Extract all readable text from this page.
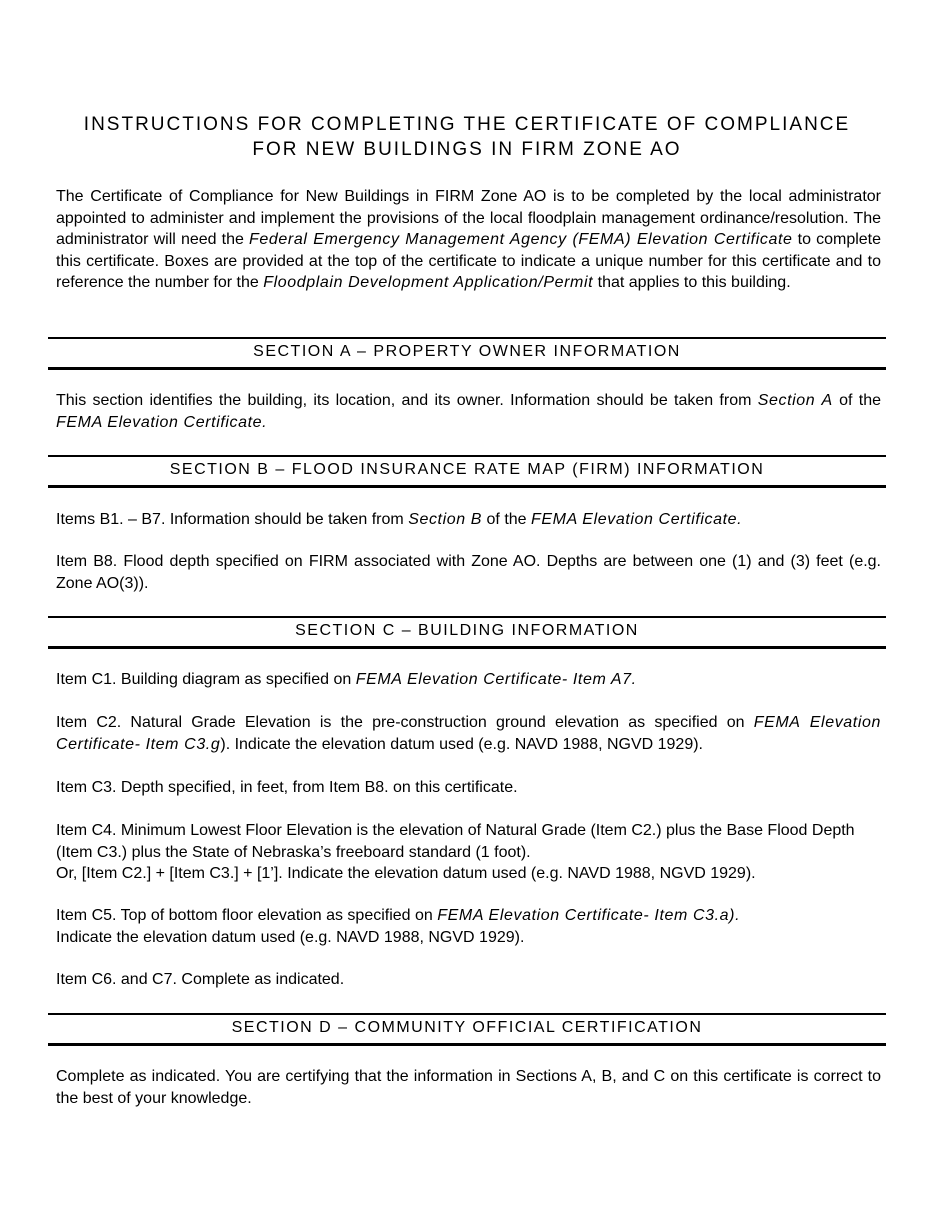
INSTRUCTIONS FOR COMPLETING THE CERTIFICATE OF COMPLIANCE
FOR NEW BUILDINGS IN FIRM ZONE AO

The Certificate of Compliance for New Buildings in FIRM Zone AO is to be completed by the local administrator appointed to administer and implement the provisions of the local floodplain management ordinance/resolution. The administrator will need the Federal Emergency Management Agency (FEMA) Elevation Certificate to complete this certificate. Boxes are provided at the top of the certificate to indicate a unique number for this certificate and to reference the number for the Floodplain Development Application/Permit that applies to this building.

SECTION A – PROPERTY OWNER INFORMATION

This section identifies the building, its location, and its owner. Information should be taken from Section A of the FEMA Elevation Certificate.

SECTION B – FLOOD INSURANCE RATE MAP (FIRM) INFORMATION

Items B1. – B7. Information should be taken from Section B of the FEMA Elevation Certificate.

Item B8. Flood depth specified on FIRM associated with Zone AO. Depths are between one (1) and (3) feet (e.g. Zone AO(3)).

SECTION C – BUILDING INFORMATION

Item C1. Building diagram as specified on FEMA Elevation Certificate- Item A7.

Item C2. Natural Grade Elevation is the pre-construction ground elevation as specified on FEMA Elevation Certificate- Item C3.g). Indicate the elevation datum used (e.g. NAVD 1988, NGVD 1929).

Item C3. Depth specified, in feet, from Item B8. on this certificate.

Item C4. Minimum Lowest Floor Elevation is the elevation of Natural Grade (Item C2.) plus the Base Flood Depth (Item C3.) plus the State of Nebraska’s freeboard standard (1 foot).
Or, [Item C2.] + [Item C3.] + [1’]. Indicate the elevation datum used (e.g. NAVD 1988, NGVD 1929).

Item C5. Top of bottom floor elevation as specified on FEMA Elevation Certificate- Item C3.a).
Indicate the elevation datum used (e.g. NAVD 1988, NGVD 1929).

Item C6. and C7. Complete as indicated.

SECTION D – COMMUNITY OFFICIAL CERTIFICATION

Complete as indicated. You are certifying that the information in Sections A, B, and C on this certificate is correct to the best of your knowledge.
